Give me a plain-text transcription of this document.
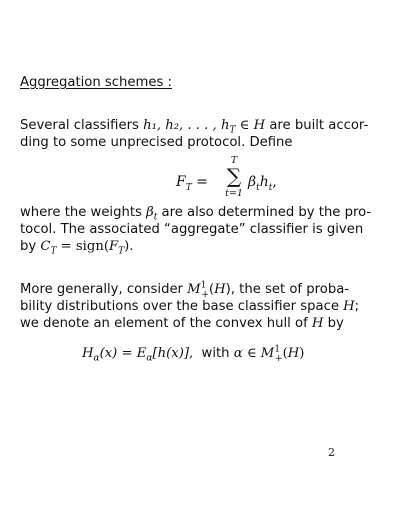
Aggregation schemes :
Several classifiers h₁, h₂, . . . , $h_T$ ∈ H are built accor-
ding to some unprecised protocol. Define
$F_T$ =
T
∑
t=1
$\beta_th_t$,
where the weights $\beta_t$ are also determined by the pro-
tocol. The associated “aggregate” classifier is given
by $C_T$ = $sign(F_T)$.
More generally, consider $M^1_+(H)$, the set of proba-
bility distributions over the base classifier space H;
we denote an element of the convex hull of H by
$H_\alpha(x) = E_\alpha[h(x)]$,  with α ∈ $M^1_+(H)$
2
